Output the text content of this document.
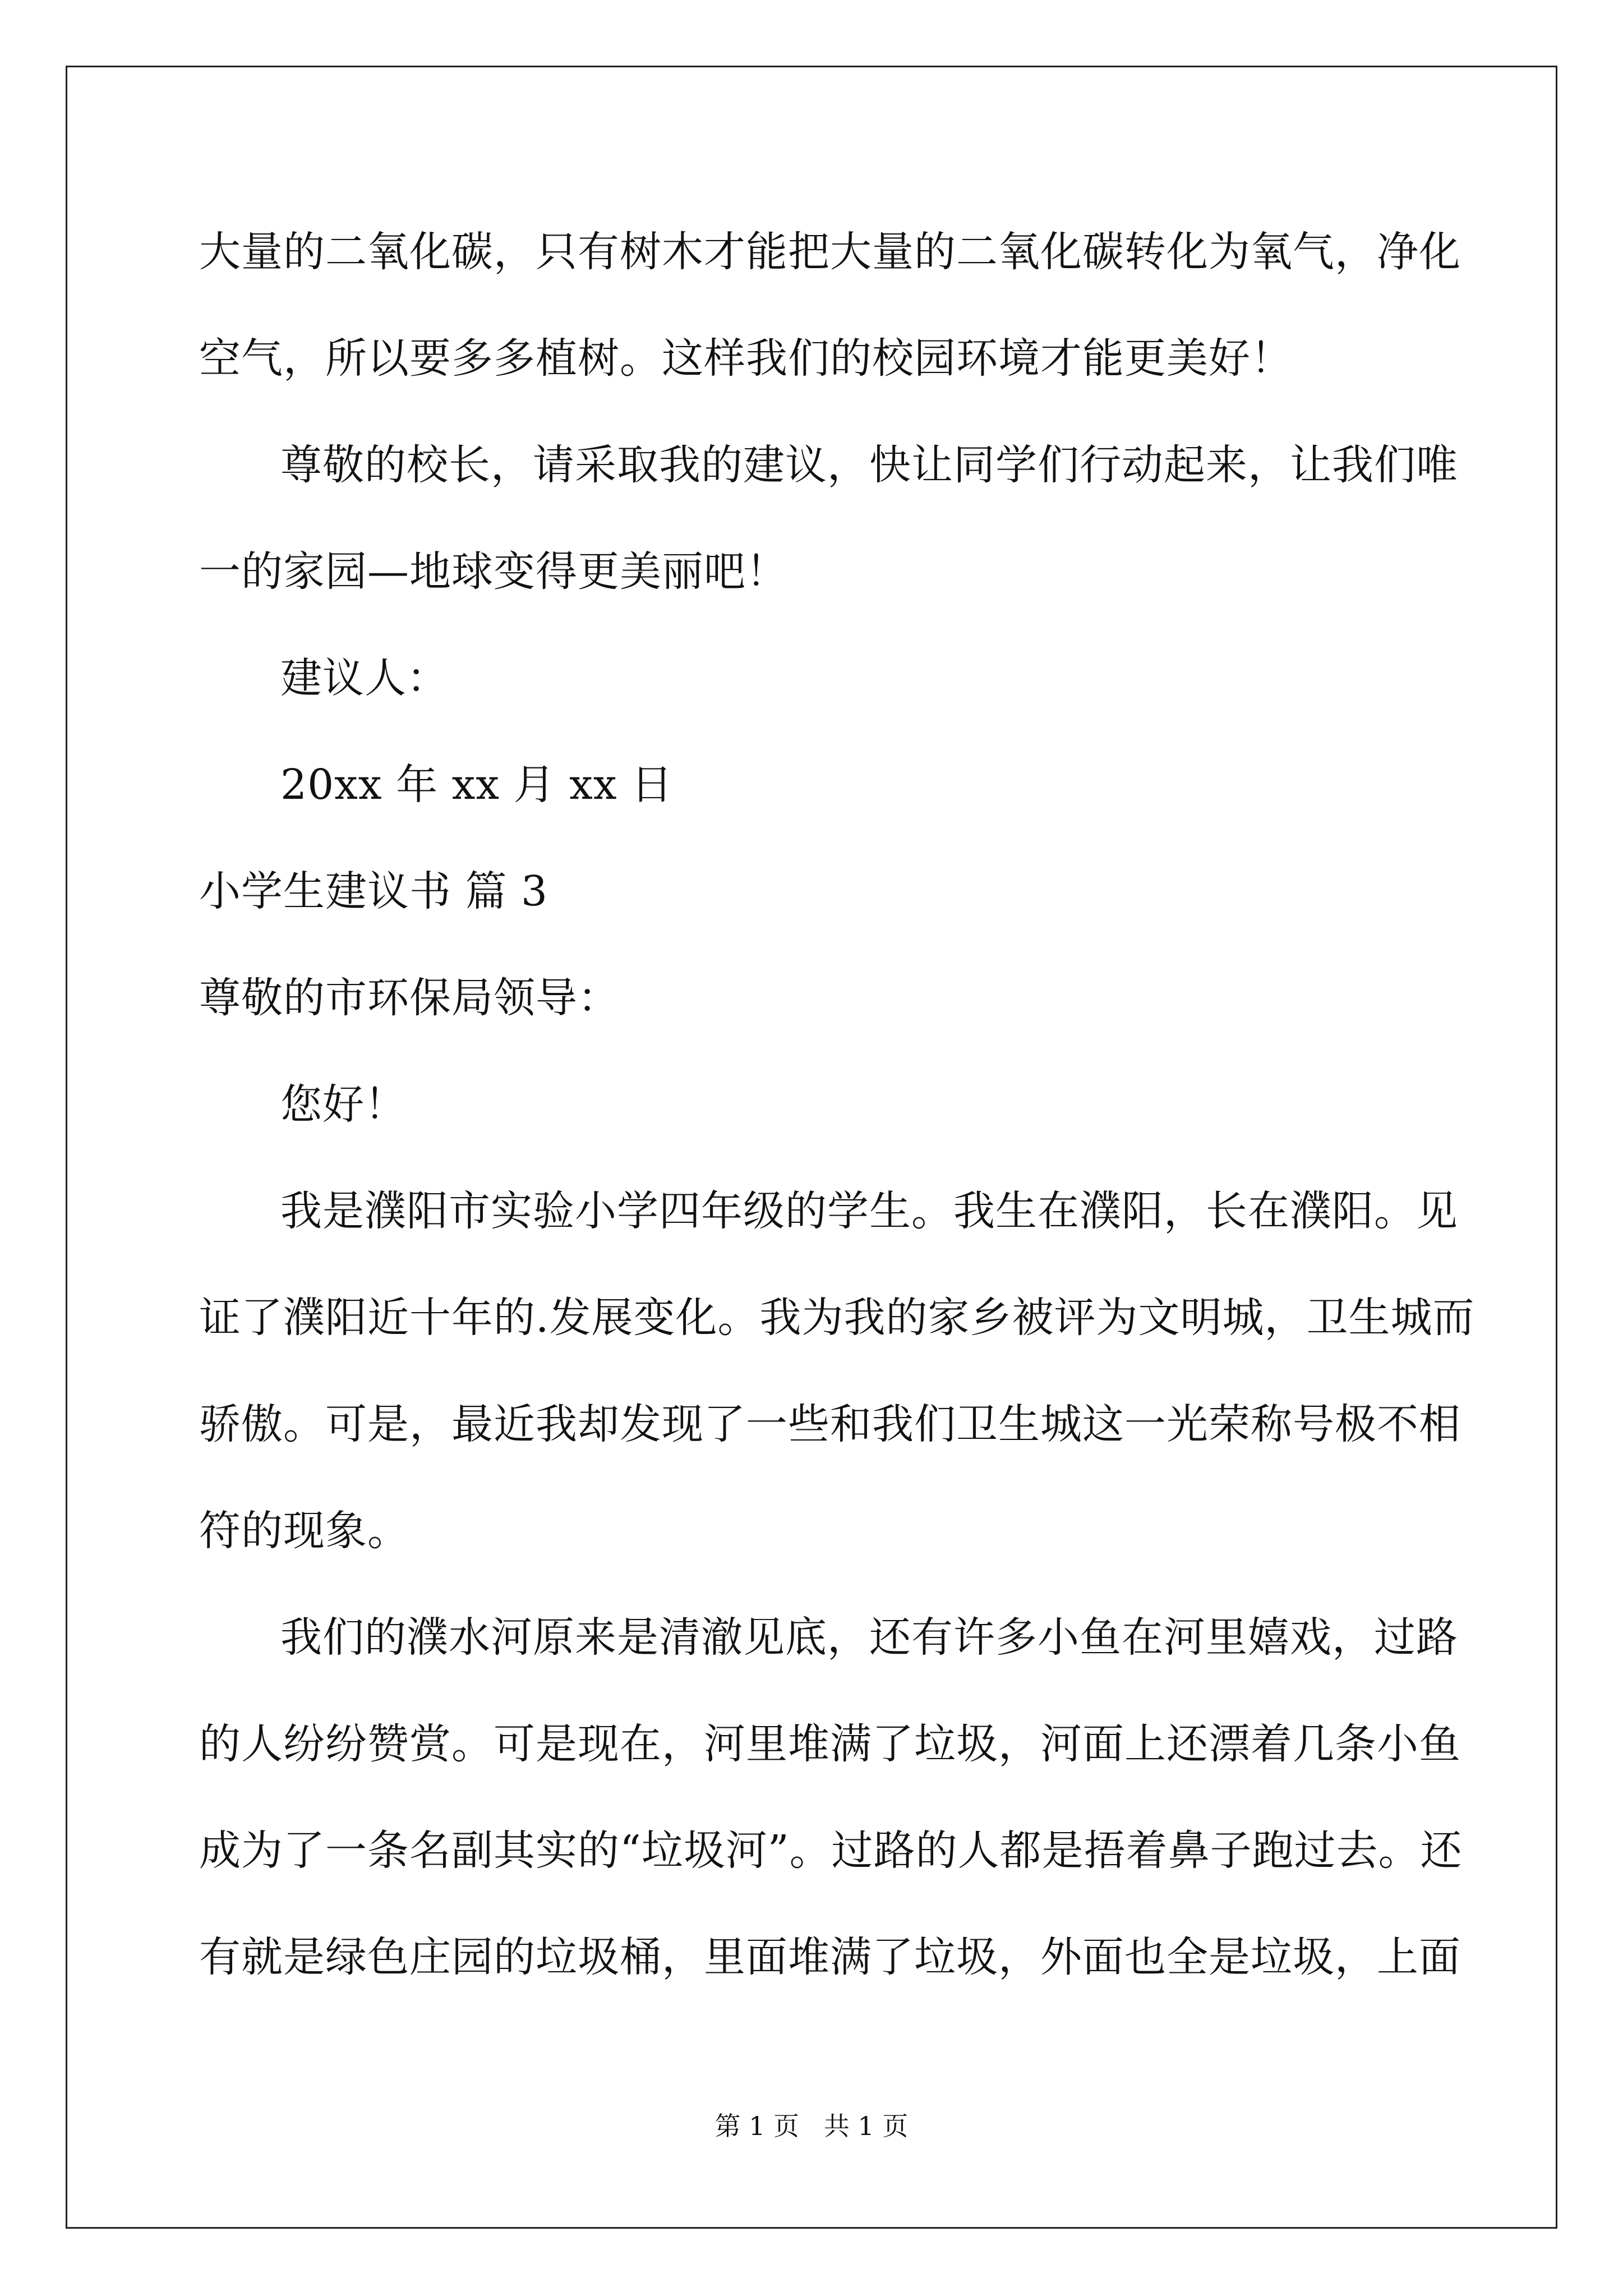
大量的二氧化碳，只有树木才能把大量的二氧化碳转化为氧气，净化
空气，所以要多多植树。这样我们的校园环境才能更美好！
尊敬的校长，请采取我的建议，快让同学们行动起来，让我们唯
一的家园—地球变得更美丽吧！
建议人：
20xx 年 xx 月 xx 日
小学生建议书 篇 3
尊敬的市环保局领导：
您好！
我是濮阳市实验小学四年级的学生。我生在濮阳，长在濮阳。见
证了濮阳近十年的.发展变化。我为我的家乡被评为文明城，卫生城而
骄傲。可是，最近我却发现了一些和我们卫生城这一光荣称号极不相
符的现象。
我们的濮水河原来是清澈见底，还有许多小鱼在河里嬉戏，过路
的人纷纷赞赏。可是现在，河里堆满了垃圾，河面上还漂着几条小鱼
成为了一条名副其实的“垃圾河”。过路的人都是捂着鼻子跑过去。还
有就是绿色庄园的垃圾桶，里面堆满了垃圾，外面也全是垃圾，上面
第 1 页   共 1 页
